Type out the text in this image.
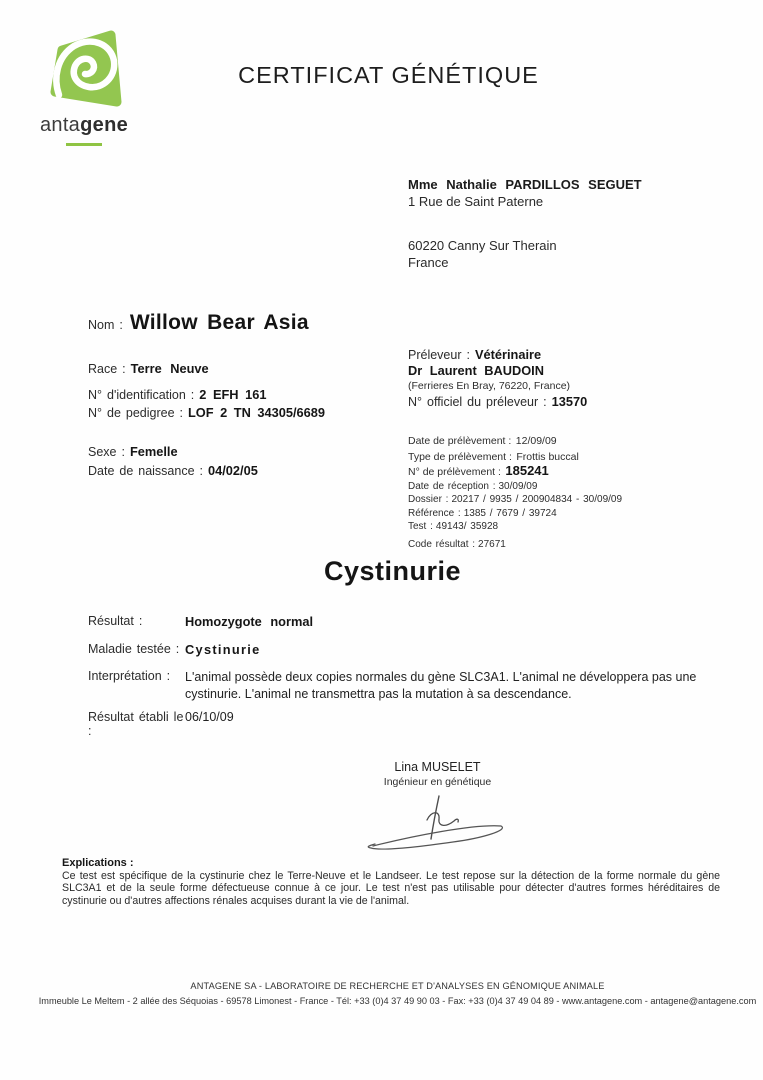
antagene
CERTIFICAT GÉNÉTIQUE
Mme Nathalie PARDILLOS SEGUET
1 Rue de Saint Paterne
60220 Canny Sur Therain
France
Nom : Willow Bear Asia
Race : Terre Neuve
N° d'identification : 2 EFH 161
N° de pedigree : LOF 2 TN 34305/6689
Sexe : Femelle
Date de naissance : 04/02/05
Préleveur : Vétérinaire
Dr Laurent BAUDOIN
(Ferrieres En Bray, 76220, France)
N° officiel du préleveur : 13570
Date de prélèvement : 12/09/09
Type de prélèvement : Frottis buccal
N° de prélèvement : 185241
Date de réception : 30/09/09
Dossier : 20217 / 9935 / 200904834 - 30/09/09
Référence : 1385 / 7679 / 39724
Test : 49143/ 35928
Code résultat : 27671
Cystinurie
Résultat :	Homozygote normal
Maladie testée : Cystinurie
Interprétation :	L'animal possède deux copies normales du gène SLC3A1. L'animal ne développera pas une cystinurie. L'animal ne transmettra pas la mutation à sa descendance.
Résultat établi le :
06/10/09
Lina MUSELET
Ingénieur en génétique
Explications :
Ce test est spécifique de la cystinurie chez le Terre-Neuve et le Landseer. Le test repose sur la détection de la forme normale du gène SLC3A1 et de la seule forme défectueuse connue à ce jour. Le test n'est pas utilisable pour détecter d'autres formes héréditaires de cystinurie ou d'autres affections rénales acquises durant la vie de l'animal.
ANTAGENE SA - LABORATOIRE DE RECHERCHE ET D'ANALYSES EN GÉNOMIQUE ANIMALE
Immeuble Le Meltem - 2 allée des Séquoias - 69578 Limonest - France - Tél: +33 (0)4 37 49 90 03 - Fax: +33 (0)4 37 49 04 89 - www.antagene.com - antagene@antagene.com
